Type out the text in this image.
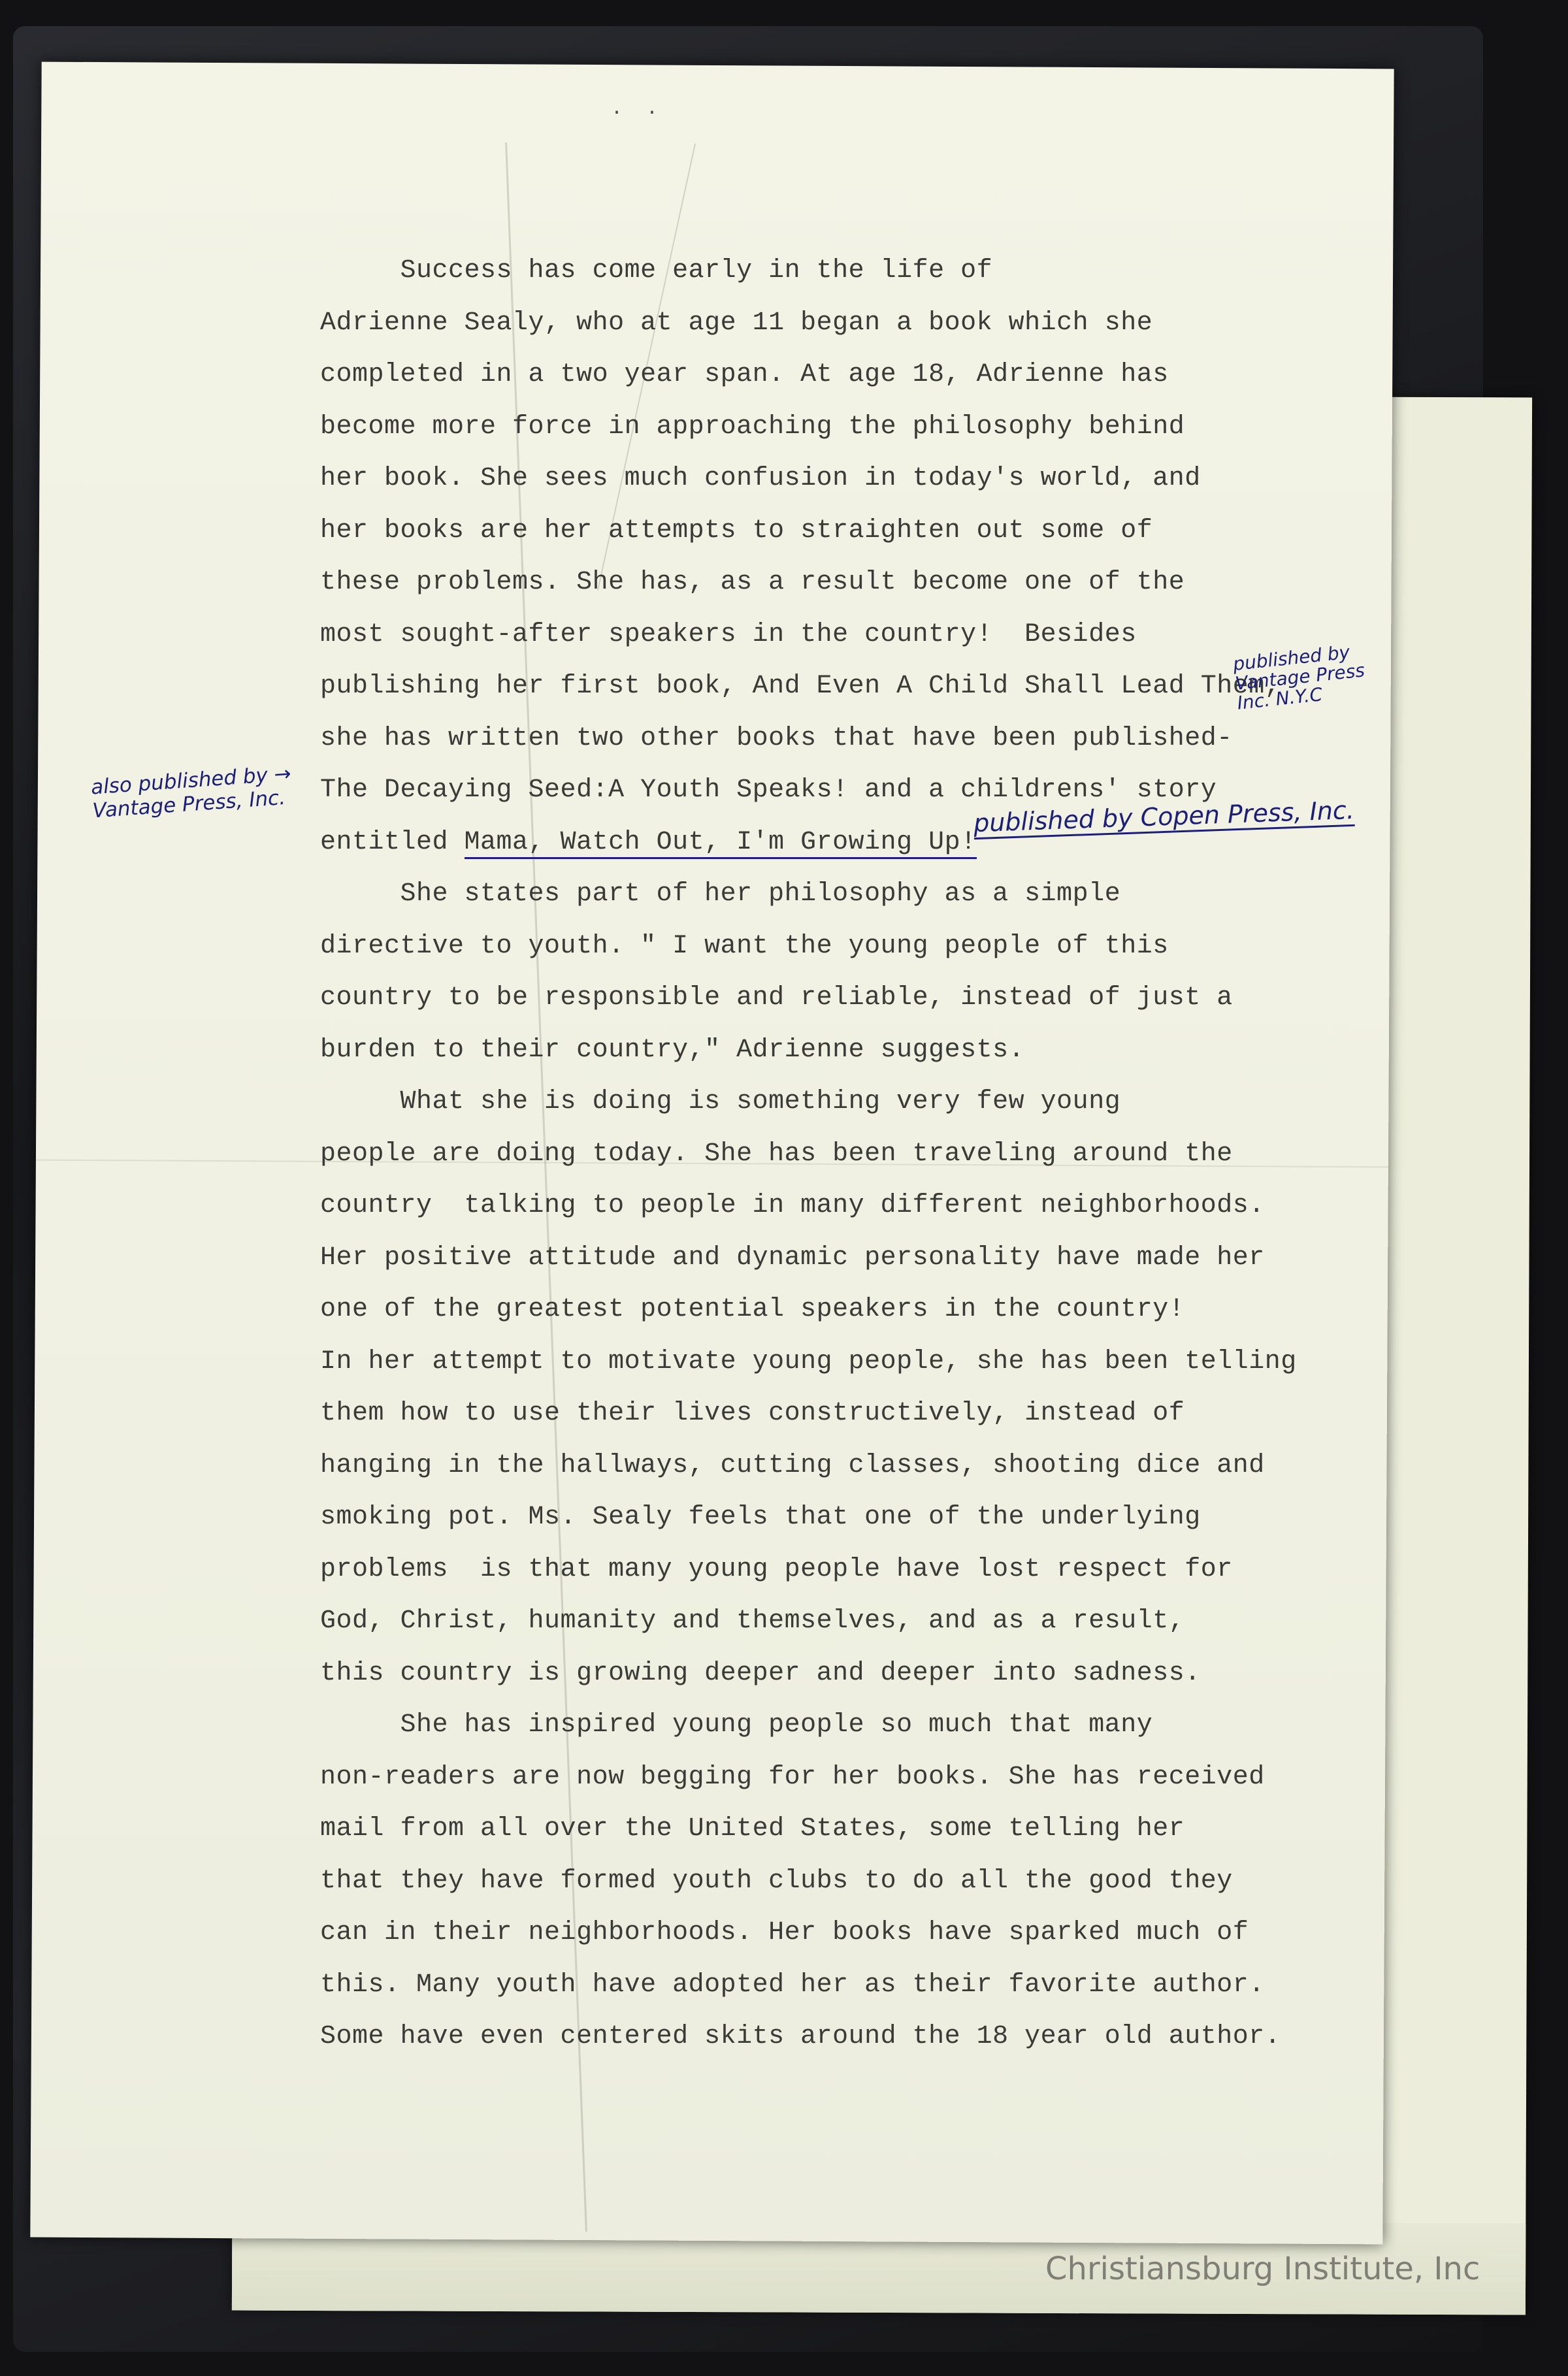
.  .
Success has come early in the life of
Adrienne Sealy, who at age 11 began a book which she
completed in a two year span. At age 18, Adrienne has
become more force in approaching the philosophy behind
her book. She sees much confusion in today's world, and
her books are her attempts to straighten out some of
these problems. She has, as a result become one of the
most sought-after speakers in the country!  Besides
publishing her first book, And Even A Child Shall Lead Them,
she has written two other books that have been published-
The Decaying Seed:A Youth Speaks! and a childrens' story
entitled Mama, Watch Out, I'm Growing Up!
She states part of her philosophy as a simple
directive to youth. " I want the young people of this
country to be responsible and reliable, instead of just a
burden to their country," Adrienne suggests.
What she is doing is something very few young
people are doing today. She has been traveling around the
country  talking to people in many different neighborhoods.
Her positive attitude and dynamic personality have made her
one of the greatest potential speakers in the country!
In her attempt to motivate young people, she has been telling
them how to use their lives constructively, instead of
hanging in the hallways, cutting classes, shooting dice and
smoking pot. Ms. Sealy feels that one of the underlying
problems  is that many young people have lost respect for
God, Christ, humanity and themselves, and as a result,
this country is growing deeper and deeper into sadness.
She has inspired young people so much that many
non-readers are now begging for her books. She has received
mail from all over the United States, some telling her
that they have formed youth clubs to do all the good they
can in their neighborhoods. Her books have sparked much of
this. Many youth have adopted her as their favorite author.
Some have even centered skits around the 18 year old author.
published by Vantage Press Inc. N.Y.C
also published by → Vantage Press, Inc.	published by Copen Press, Inc.
Christiansburg Institute, Inc
